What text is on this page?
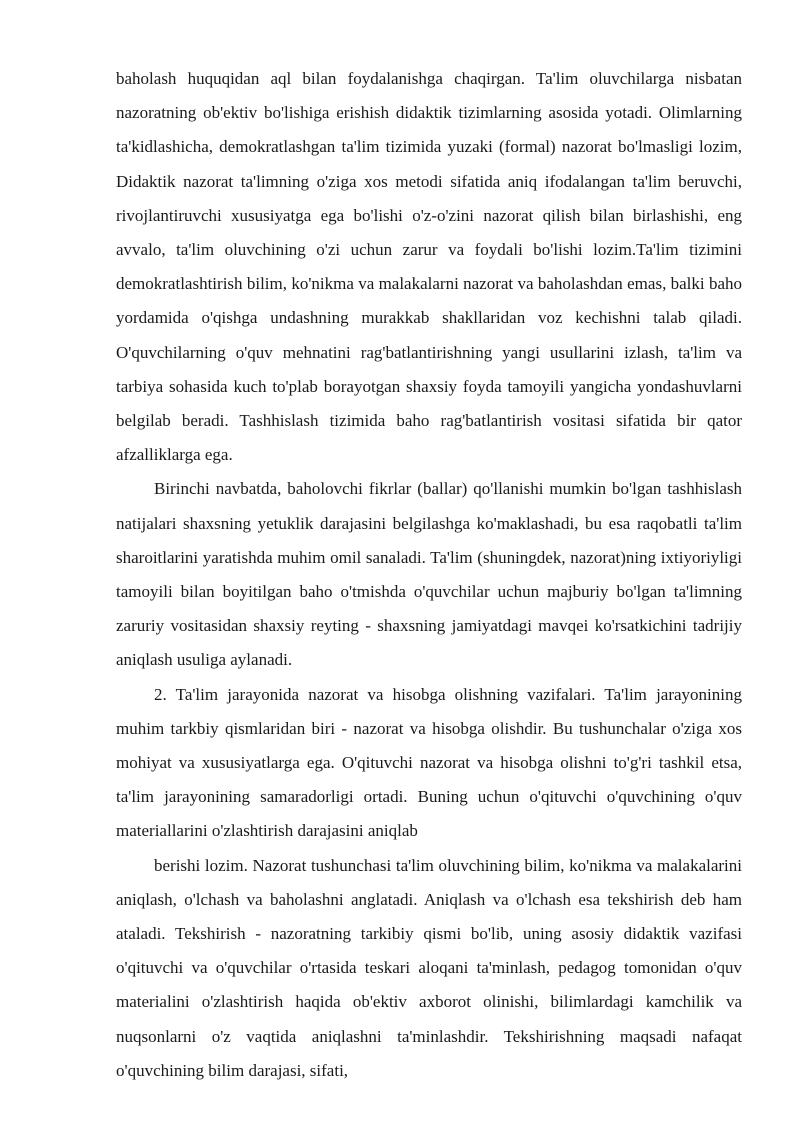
baholash huquqidan aql bilan foydalanishga chaqirgan. Ta'lim oluvchilarga nisbatan nazoratning ob'ektiv bo'lishiga erishish didaktik tizimlarning asosida yotadi. Olimlarning ta'kidlashicha, demokratlashgan ta'lim tizimida yuzaki (formal) nazorat bo'lmasligi lozim, Didaktik nazorat ta'limning o'ziga xos metodi sifatida aniq ifodalangan ta'lim beruvchi, rivojlantiruvchi xususiyatga ega bo'lishi o'z-o'zini nazorat qilish bilan birlashishi, eng avvalo, ta'lim oluvchining o'zi uchun zarur va foydali bo'lishi lozim.Ta'lim tizimini demokratlashtirish bilim, ko'nikma va malakalarni nazorat va baholashdan emas, balki baho yordamida o'qishga undashning murakkab shakllaridan voz kechishni talab qiladi. O'quvchilarning o'quv mehnatini rag'batlantirishning yangi usullarini izlash, ta'lim va tarbiya sohasida kuch to'plab borayotgan shaxsiy foyda tamoyili yangicha yondashuvlarni belgilab beradi. Tashhislash tizimida baho rag'batlantirish vositasi sifatida bir qator afzalliklarga ega.

Birinchi navbatda, baholovchi fikrlar (ballar) qo'llanishi mumkin bo'lgan tashhislash natijalari shaxsning yetuklik darajasini belgilashga ko'maklashadi, bu esa raqobatli ta'lim sharoitlarini yaratishda muhim omil sanaladi. Ta'lim (shuningdek, nazorat)ning ixtiyoriyligi tamoyili bilan boyitilgan baho o'tmishda o'quvchilar uchun majburiy bo'lgan ta'limning zaruriy vositasidan shaxsiy reyting - shaxsning jamiyatdagi mavqei ko'rsatkichini tadrijiy aniqlash usuliga aylanadi.

2. Ta'lim jarayonida nazorat va hisobga olishning vazifalari. Ta'lim jarayonining muhim tarkbiy qismlaridan biri - nazorat va hisobga olishdir. Bu tushunchalar o'ziga xos mohiyat va xususiyatlarga ega. O'qituvchi nazorat va hisobga olishni to'g'ri tashkil etsa, ta'lim jarayonining samaradorligi ortadi. Buning uchun o'qituvchi o'quvchining o'quv materiallarini o'zlashtirish darajasini aniqlab

berishi lozim. Nazorat tushunchasi ta'lim oluvchining bilim, ko'nikma va malakalarini aniqlash, o'lchash va baholashni anglatadi. Aniqlash va o'lchash esa tekshirish deb ham ataladi. Tekshirish - nazoratning tarkibiy qismi bo'lib, uning asosiy didaktik vazifasi o'qituvchi va o'quvchilar o'rtasida teskari aloqani ta'minlash, pedagog tomonidan o'quv materialini o'zlashtirish haqida ob'ektiv axborot olinishi, bilimlardagi kamchilik va nuqsonlarni o'z vaqtida aniqlashni ta'minlashdir. Tekshirishning maqsadi nafaqat o'quvchining bilim darajasi, sifati,
